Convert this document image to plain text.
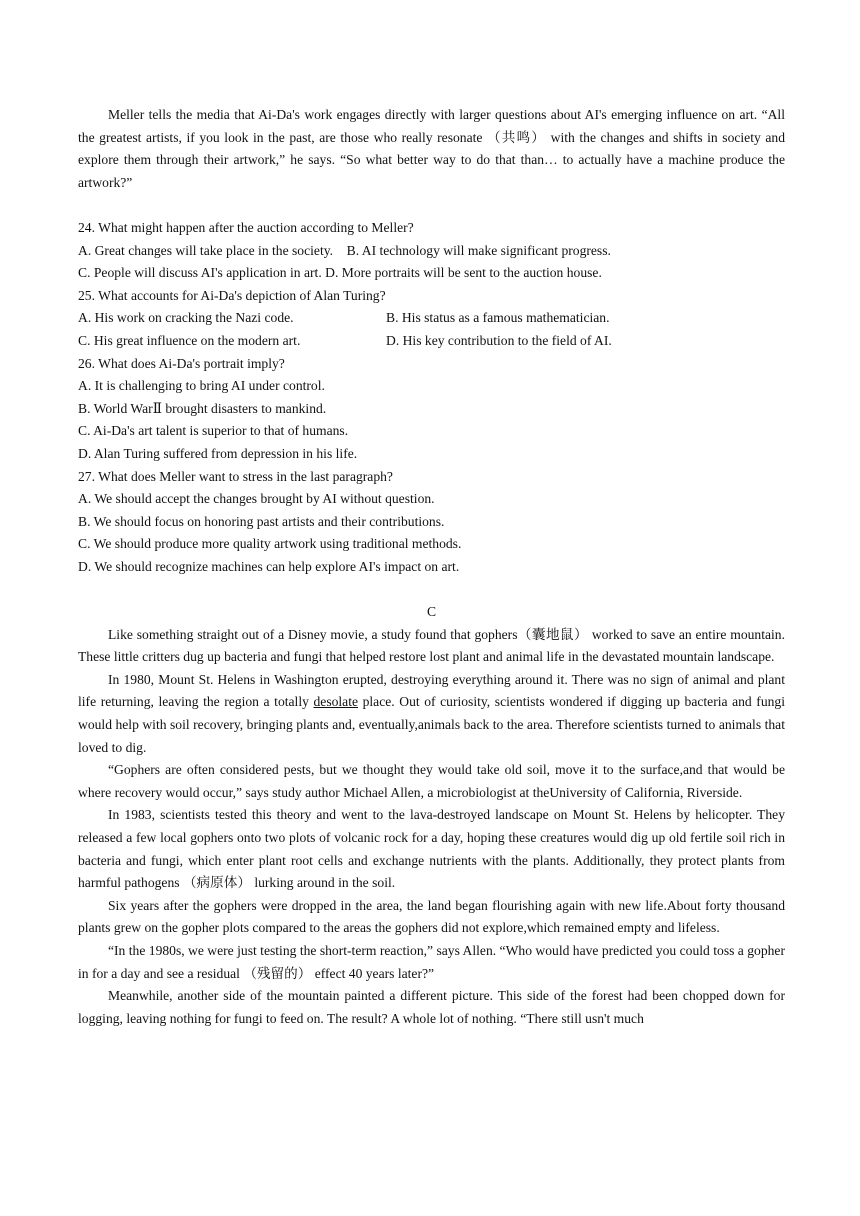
Meller tells the media that Ai-Da's work engages directly with larger questions about AI's emerging influence on art. “All the greatest artists, if you look in the past, are those who really resonate （共鸣） with the changes and shifts in society and explore them through their artwork,” he says. “So what better way to do that than… to actually have a machine produce the artwork?”

24. What might happen after the auction according to Meller?

A. Great changes will take place in the society. B. AI technology will make significant progress.

C. People will discuss AI's application in art. D. More portraits will be sent to the auction house.

25. What accounts for Ai-Da's depiction of Alan Turing?

A. His work on cracking the Nazi code.	B. His status as a famous mathematician.
C. His great influence on the modern art.	D. His key contribution to the field of AI.

26. What does Ai-Da's portrait imply?

A. It is challenging to bring AI under control.

B. World WarⅡ brought disasters to mankind.

C. Ai-Da's art talent is superior to that of humans.

D. Alan Turing suffered from depression in his life.

27. What does Meller want to stress in the last paragraph?

A. We should accept the changes brought by AI without question.

B. We should focus on honoring past artists and their contributions.

C. We should produce more quality artwork using traditional methods.

D. We should recognize machines can help explore AI's impact on art.

C

Like something straight out of a Disney movie, a study found that gophers（囊地鼠） worked to save an entire mountain. These little critters dug up bacteria and fungi that helped restore lost plant and animal life in the devastated mountain landscape.

In 1980, Mount St. Helens in Washington erupted, destroying everything around it. There was no sign of animal and plant life returning, leaving the region a totally desolate place. Out of curiosity, scientists wondered if digging up bacteria and fungi would help with soil recovery, bringing plants and, eventually,animals back to the area. Therefore scientists turned to animals that loved to dig.

“Gophers are often considered pests, but we thought they would take old soil, move it to the surface,and that would be where recovery would occur,” says study author Michael Allen, a microbiologist at theUniversity of California, Riverside.

In 1983, scientists tested this theory and went to the lava-destroyed landscape on Mount St. Helens by helicopter. They released a few local gophers onto two plots of volcanic rock for a day, hoping these creatures would dig up old fertile soil rich in bacteria and fungi, which enter plant root cells and exchange nutrients with the plants. Additionally, they protect plants from harmful pathogens （病原体） lurking around in the soil.

Six years after the gophers were dropped in the area, the land began flourishing again with new life.About forty thousand plants grew on the gopher plots compared to the areas the gophers did not explore,which remained empty and lifeless.

“In the 1980s, we were just testing the short-term reaction,” says Allen. “Who would have predicted you could toss a gopher in for a day and see a residual （残留的） effect 40 years later?”

Meanwhile, another side of the mountain painted a different picture. This side of the forest had been chopped down for logging, leaving nothing for fungi to feed on. The result? A whole lot of nothing. “There still usn't much
